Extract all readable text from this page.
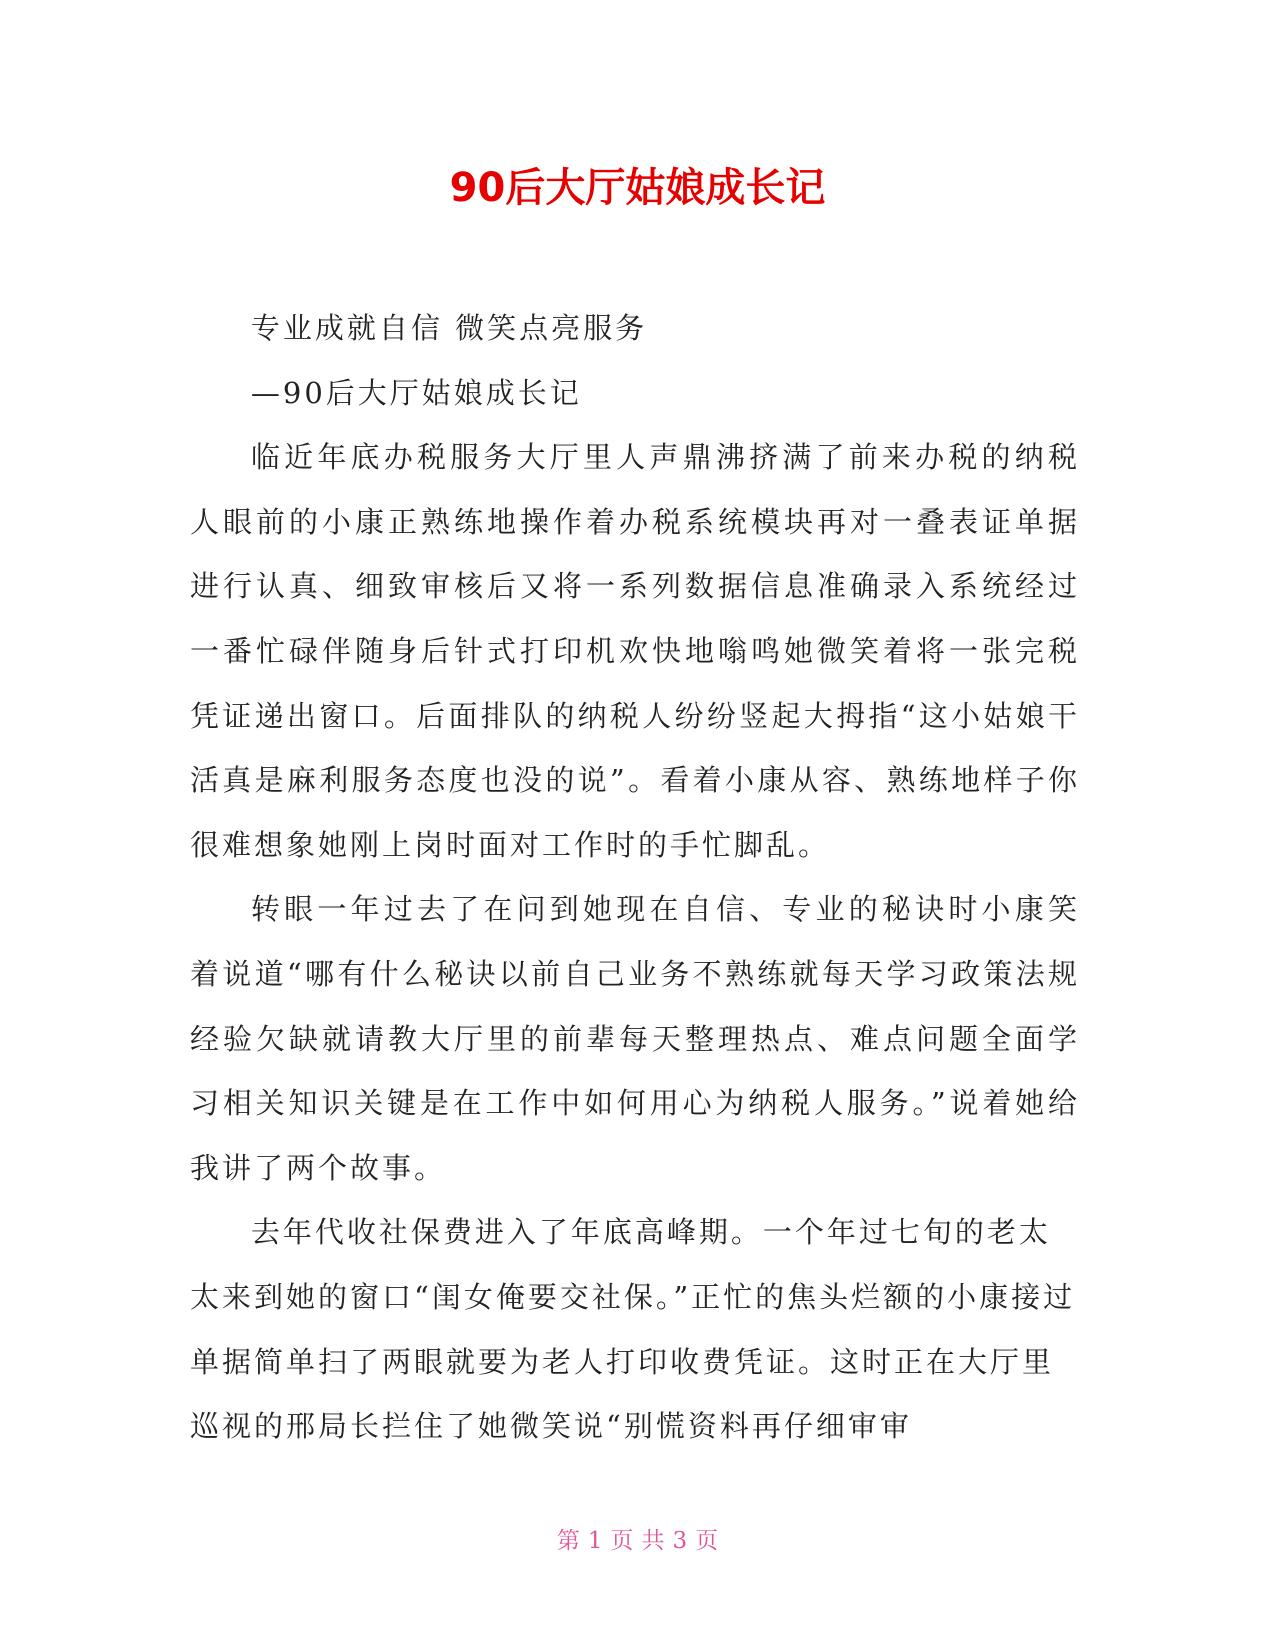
90后大厅姑娘成长记

专业成就自信 微笑点亮服务

—90后大厅姑娘成长记

临近年底办税服务大厅里人声鼎沸挤满了前来办税的纳税人眼前的小康正熟练地操作着办税系统模块再对一叠表证单据进行认真、细致审核后又将一系列数据信息准确录入系统经过一番忙碌伴随身后针式打印机欢快地嗡鸣她微笑着将一张完税凭证递出窗口。后面排队的纳税人纷纷竖起大拇指“这小姑娘干活真是麻利服务态度也没的说”。看着小康从容、熟练地样子你很难想象她刚上岗时面对工作时的手忙脚乱。

转眼一年过去了在问到她现在自信、专业的秘诀时小康笑着说道“哪有什么秘诀以前自己业务不熟练就每天学习政策法规经验欠缺就请教大厅里的前辈每天整理热点、难点问题全面学习相关知识关键是在工作中如何用心为纳税人服务。”说着她给我讲了两个故事。

去年代收社保费进入了年底高峰期。一个年过七旬的老太太来到她的窗口“闺女俺要交社保。”正忙的焦头烂额的小康接过单据简单扫了两眼就要为老人打印收费凭证。这时正在大厅里巡视的邢局长拦住了她微笑说“别慌资料再仔细审审

第 1 页 共 3 页
